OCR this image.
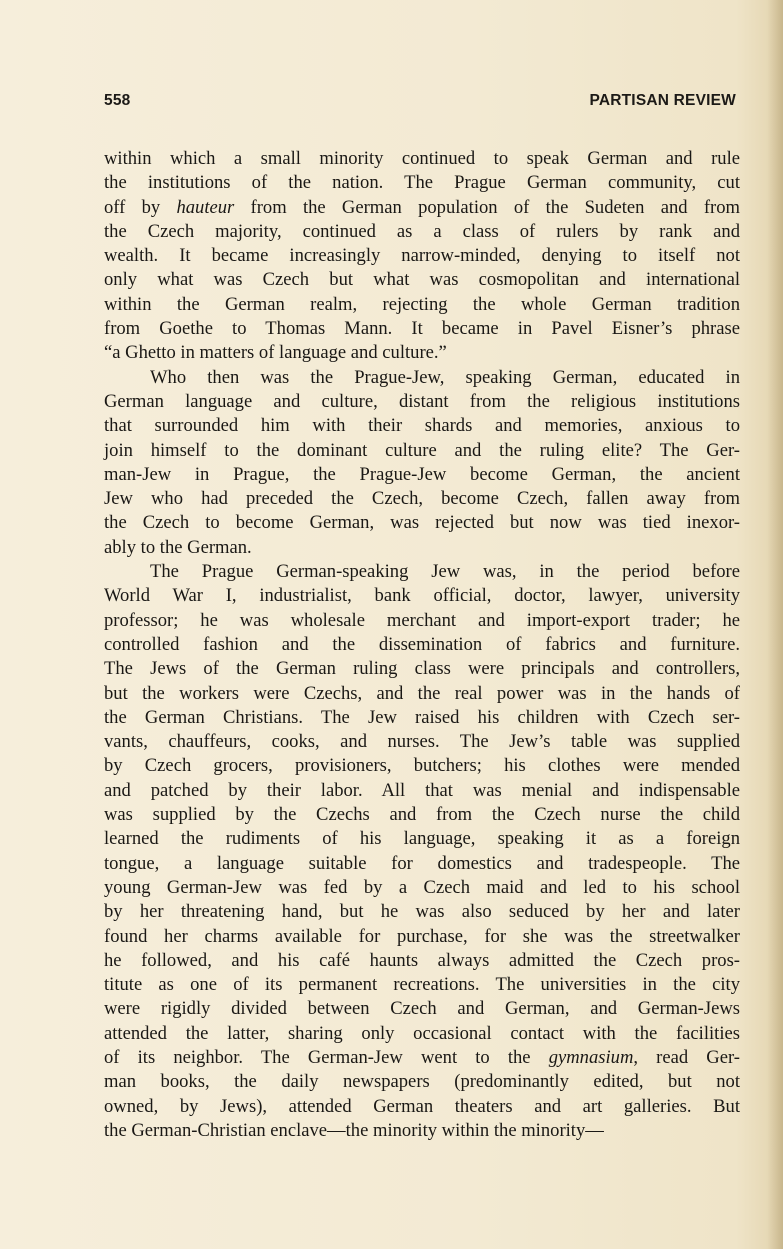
558	PARTISAN REVIEW

within which a small minority continued to speak German and rule

the institutions of the nation. The Prague German community, cut

off by hauteur from the German population of the Sudeten and from

the Czech majority, continued as a class of rulers by rank and

wealth. It became increasingly narrow-minded, denying to itself not

only what was Czech but what was cosmopolitan and international

within the German realm, rejecting the whole German tradition

from Goethe to Thomas Mann. It became in Pavel Eisner’s phrase

“a Ghetto in matters of language and culture.”

Who then was the Prague-Jew, speaking German, educated in

German language and culture, distant from the religious institutions

that surrounded him with their shards and memories, anxious to

join himself to the dominant culture and the ruling elite? The Ger-

man-Jew in Prague, the Prague-Jew become German, the ancient

Jew who had preceded the Czech, become Czech, fallen away from

the Czech to become German, was rejected but now was tied inexor-

ably to the German.

The Prague German-speaking Jew was, in the period before

World War I, industrialist, bank official, doctor, lawyer, university

professor; he was wholesale merchant and import-export trader; he

controlled fashion and the dissemination of fabrics and furniture.

The Jews of the German ruling class were principals and controllers,

but the workers were Czechs, and the real power was in the hands of

the German Christians. The Jew raised his children with Czech ser-

vants, chauffeurs, cooks, and nurses. The Jew’s table was supplied

by Czech grocers, provisioners, butchers; his clothes were mended

and patched by their labor. All that was menial and indispensable

was supplied by the Czechs and from the Czech nurse the child

learned the rudiments of his language, speaking it as a foreign

tongue, a language suitable for domestics and tradespeople. The

young German-Jew was fed by a Czech maid and led to his school

by her threatening hand, but he was also seduced by her and later

found her charms available for purchase, for she was the streetwalker

he followed, and his café haunts always admitted the Czech pros-

titute as one of its permanent recreations. The universities in the city

were rigidly divided between Czech and German, and German-Jews

attended the latter, sharing only occasional contact with the facilities

of its neighbor. The German-Jew went to the gymnasium, read Ger-

man books, the daily newspapers (predominantly edited, but not

owned, by Jews), attended German theaters and art galleries. But

the German-Christian enclave—the minority within the minority—
